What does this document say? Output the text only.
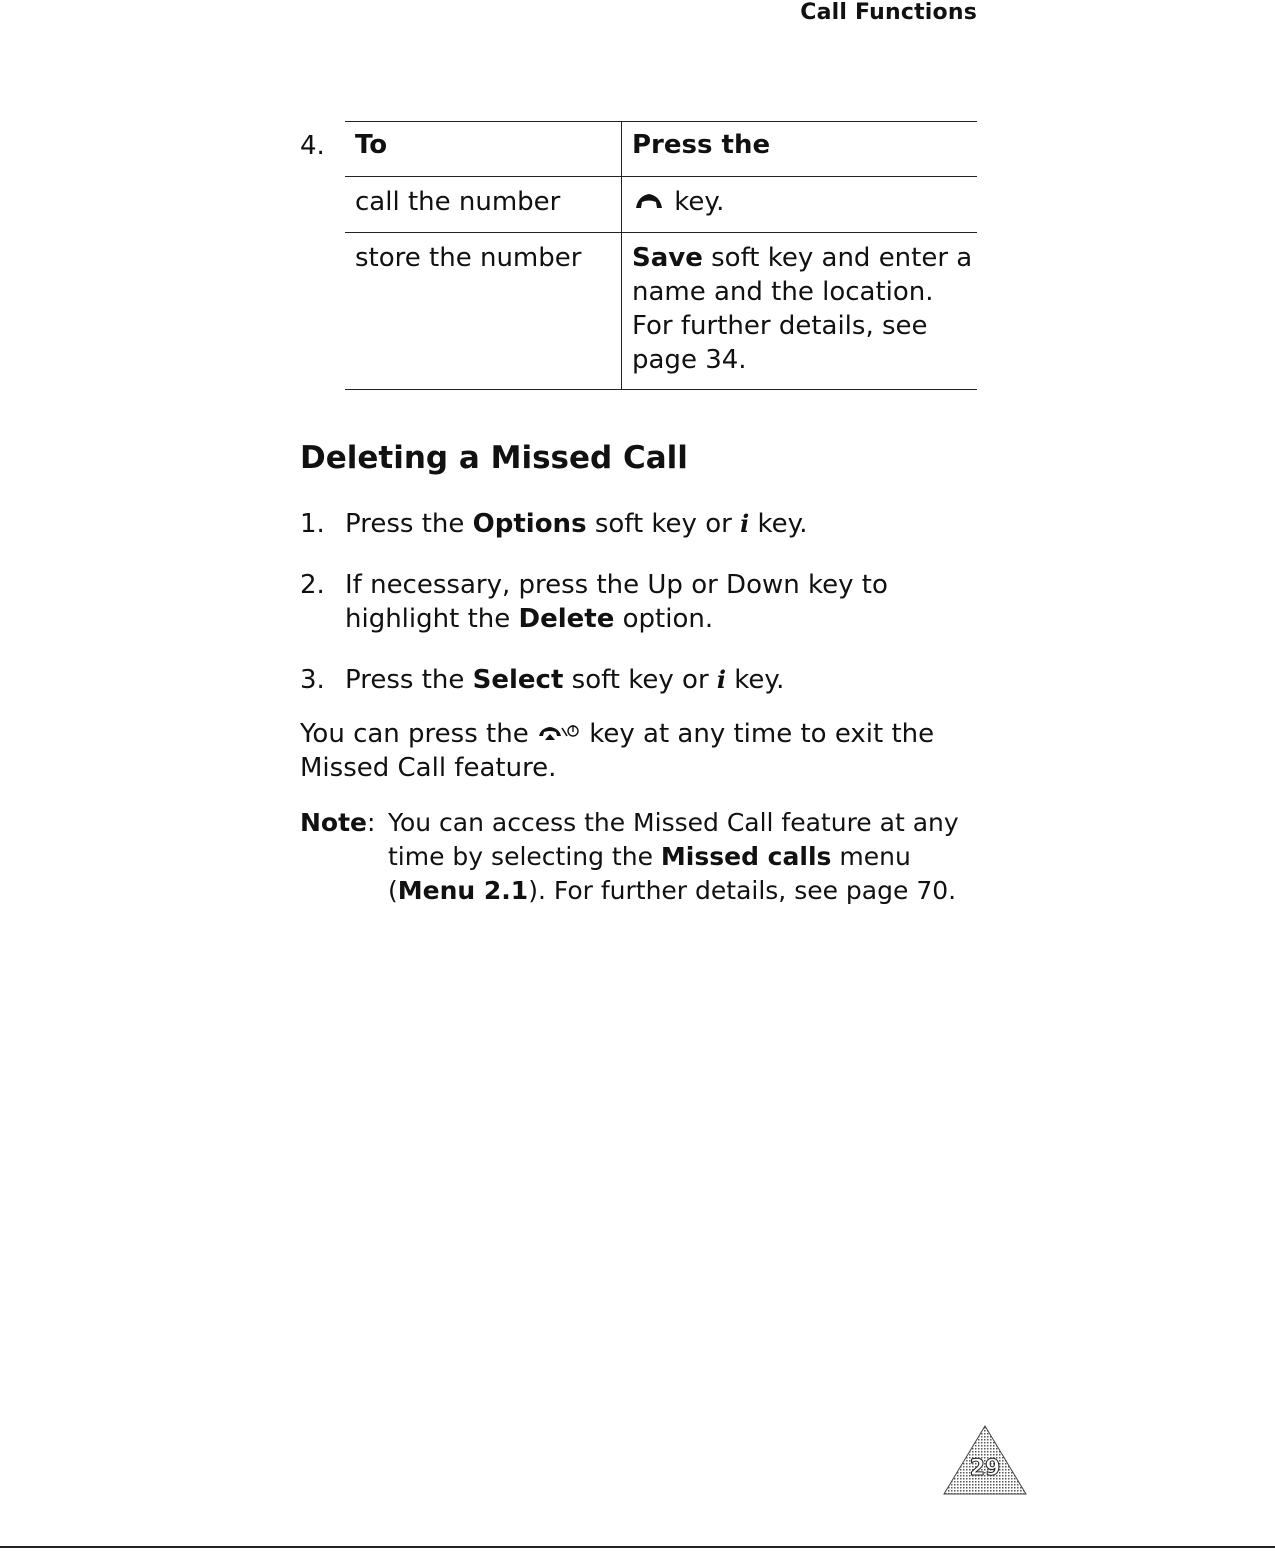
Call Functions
4. To	Press the
call the number	key.
store the number	Save soft key and enter a name and the location. For further details, see page 34.
Deleting a Missed Call
1. Press the Options soft key or i key.
2. If necessary, press the Up or Down key to highlight the Delete option.
3. Press the Select soft key or i key.
You can press the key at any time to exit the Missed Call feature.
Note: You can access the Missed Call feature at any time by selecting the Missed calls menu (Menu 2.1). For further details, see page 70.
29
